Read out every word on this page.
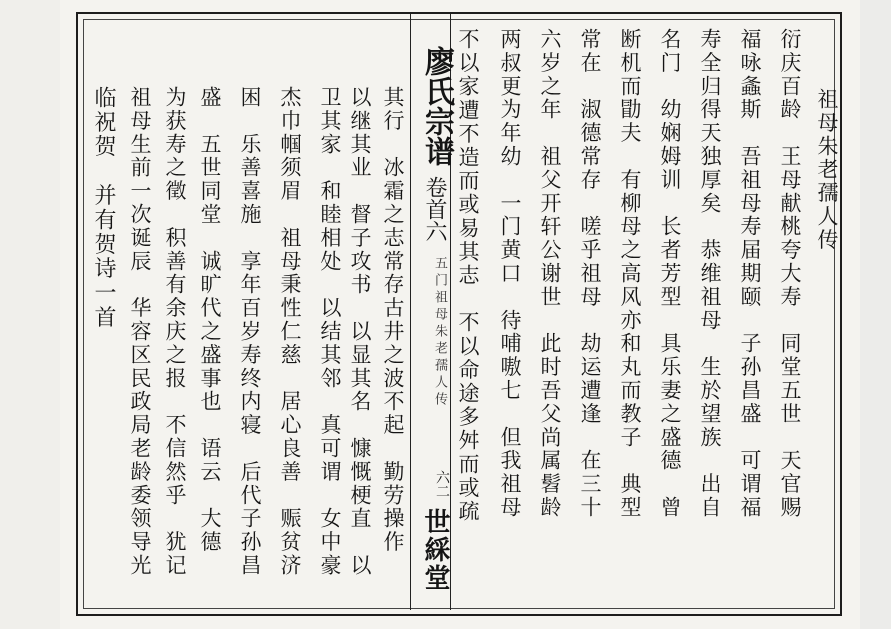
祖母朱老孺人传
衍庆百龄　王母献桃夸大寿　同堂五世　天官赐
福咏螽斯　吾祖母寿届期颐　子孙昌盛　可谓福
寿全归得天独厚矣　恭维祖母　生於望族　出自
名门　幼娴姆训　长者芳型　具乐妻之盛德　曾
断机而勖夫　有柳母之高风亦和丸而教子　典型
常在　淑德常存　嗟乎祖母　劫运遭逢　在三十
六岁之年　祖父开轩公谢世　此时吾父尚属髫龄
两叔更为年幼　一门黄口　待哺嗷七　但我祖母
廖氏宗谱
卷首六
五门祖母朱老孺人传
六二
世綵堂
其行　冰霜之志常存古井之波不起　勤劳操作
以继其业　督子攻书　以显其名　慷慨梗直　以
卫其家　和睦相处　以结其邻　真可谓　女中豪
杰巾帼须眉　祖母秉性仁慈　居心良善　赈贫济
困　乐善喜施　享年百岁寿终内寝　后代子孙昌
盛　五世同堂　诚旷代之盛事也　语云　大德
为获寿之徵　积善有余庆之报　不信然乎　犹记
祖母生前一次诞辰　华容区民政局老龄委领导光	不以家遭不造而或易其志　不以命途多舛而或疏
临祝贺　并有贺诗一首
